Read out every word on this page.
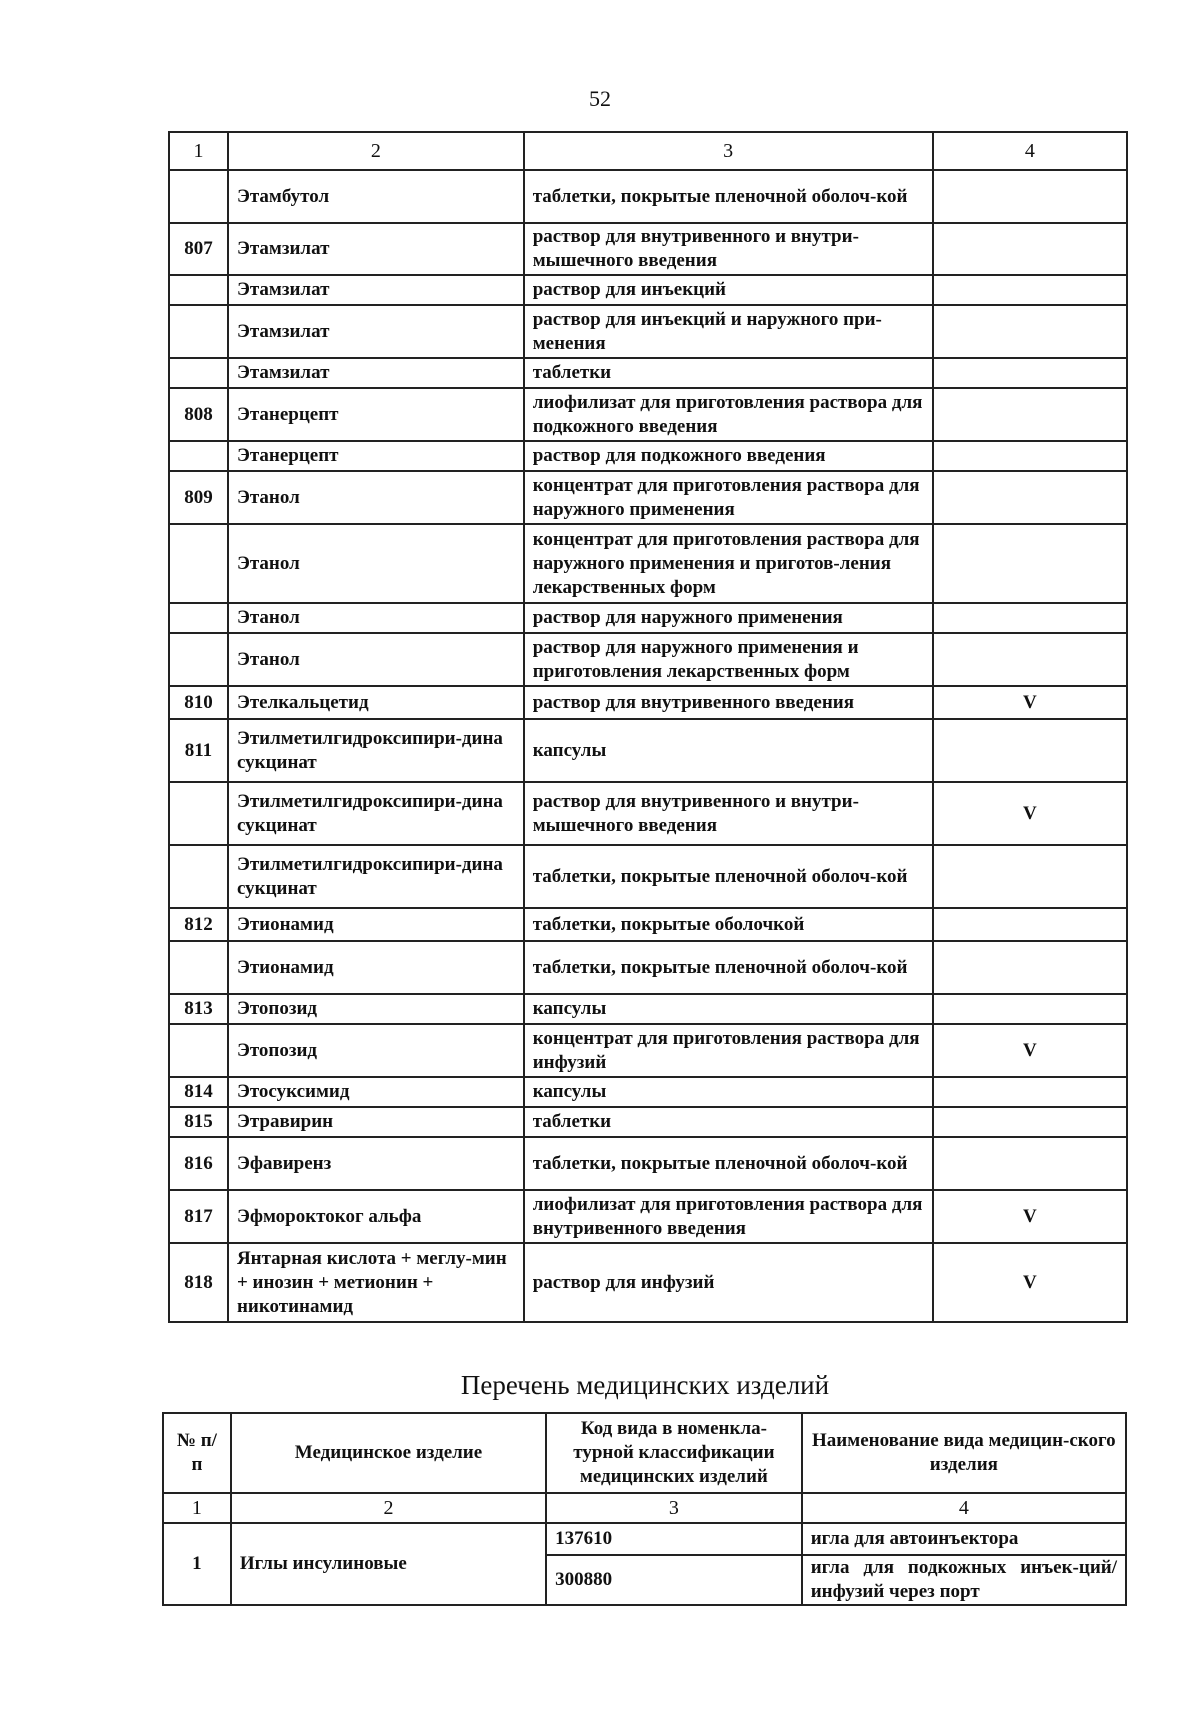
52
1	2	3	4
	Этамбутол	таблетки, покрытые пленочной оболоч-кой	
807	Этамзилат	раствор для внутривенного и внутри-мышечного введения	
	Этамзилат	раствор для инъекций	
	Этамзилат	раствор для инъекций и наружного при-менения	
	Этамзилат	таблетки	
808	Этанерцепт	лиофилизат для приготовления раствора для подкожного введения	
	Этанерцепт	раствор для подкожного введения	
809	Этанол	концентрат для приготовления раствора для наружного применения	
	Этанол	концентрат для приготовления раствора для наружного применения и приготов-ления лекарственных форм	
	Этанол	раствор для наружного применения	
	Этанол	раствор для наружного применения и приготовления лекарственных форм	
810	Этелкальцетид	раствор для внутривенного введения	V
811	Этилметилгидроксипири-дина сукцинат	капсулы	
	Этилметилгидроксипири-дина сукцинат	раствор для внутривенного и внутри-мышечного введения	V
	Этилметилгидроксипири-дина сукцинат	таблетки, покрытые пленочной оболоч-кой	
812	Этионамид	таблетки, покрытые оболочкой	
	Этионамид	таблетки, покрытые пленочной оболоч-кой	
813	Этопозид	капсулы	
	Этопозид	концентрат для приготовления раствора для инфузий	V
814	Этосуксимид	капсулы	
815	Этравирин	таблетки	
816	Эфавиренз	таблетки, покрытые пленочной оболоч-кой	
817	Эфмороктоког альфа	лиофилизат для приготовления раствора для внутривенного введения	V
818	Янтарная кислота + меглу-мин + инозин + метионин + никотинамид	раствор для инфузий	V
Перечень медицинских изделий
№ п/п	Медицинское изделие	Код вида в номенкла-турной классификации медицинских изделий	Наименование вида медицин-ского изделия
1	2	3	4
1	Иглы инсулиновые	137610	игла для автоинъектора
		300880	игла для подкожных инъек-ций/инфузий через порт
